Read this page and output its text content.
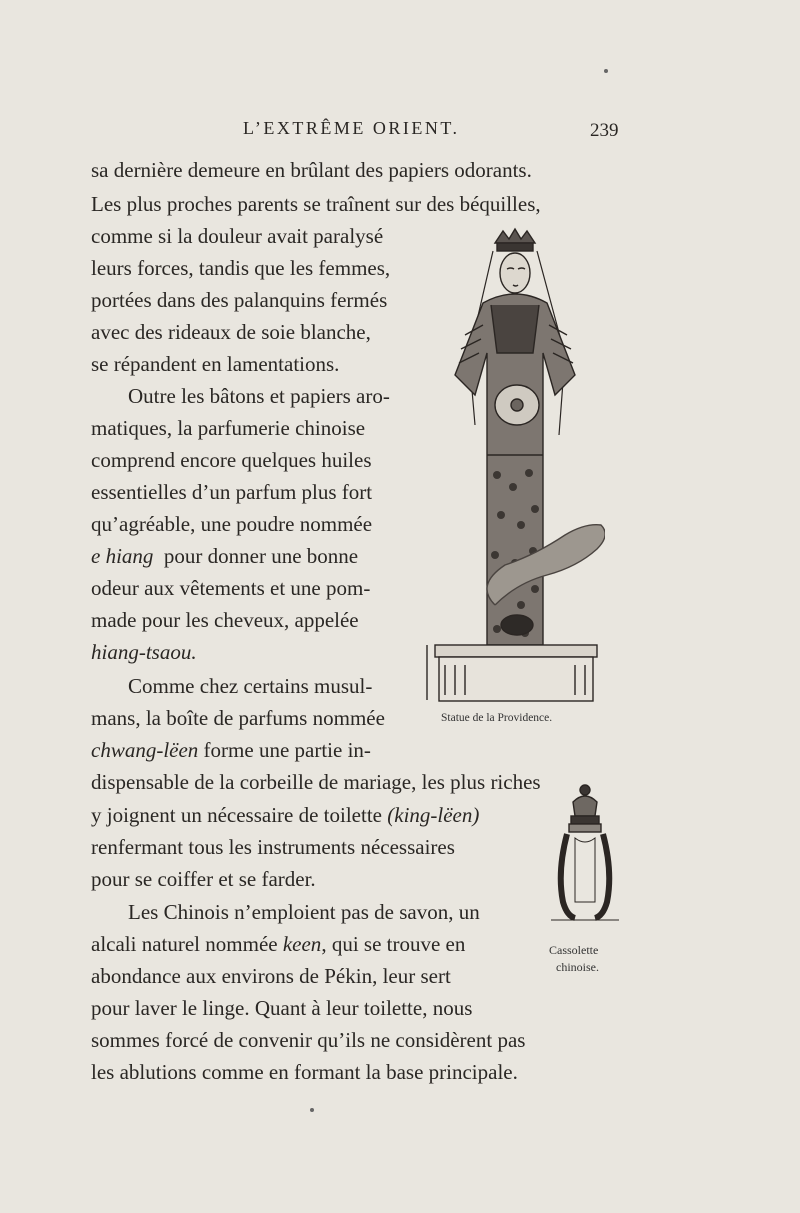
L’EXTRÊME ORIENT.	239
sa dernière demeure en brûlant des papiers odorants.
Les plus proches parents se traînent sur des béquilles,
comme si la douleur avait paralysé
leurs forces, tandis que les femmes,
portées dans des palanquins fermés
avec des rideaux de soie blanche,
se répandent en lamentations.
Outre les bâtons et papiers aro-
matiques, la parfumerie chinoise
comprend encore quelques huiles
essentielles d’un parfum plus fort
qu’agréable, une poudre nommée
e hiang pour donner une bonne
odeur aux vêtements et une pom-
made pour les cheveux, appelée
hiang-tsaou.
Comme chez certains musul-
mans, la boîte de parfums nommée
chwang-lëen forme une partie in-
dispensable de la corbeille de mariage, les plus riches
y joignent un nécessaire de toilette (king-lëen)
renfermant tous les instruments nécessaires
pour se coiffer et se farder.
Les Chinois n’emploient pas de savon, un
alcali naturel nommée keen, qui se trouve en
abondance aux environs de Pékin, leur sert
pour laver le linge. Quant à leur toilette, nous
sommes forcé de convenir qu’ils ne considèrent pas
les ablutions comme en formant la base principale.
Statue de la Providence.
Cassolette
chinoise.
